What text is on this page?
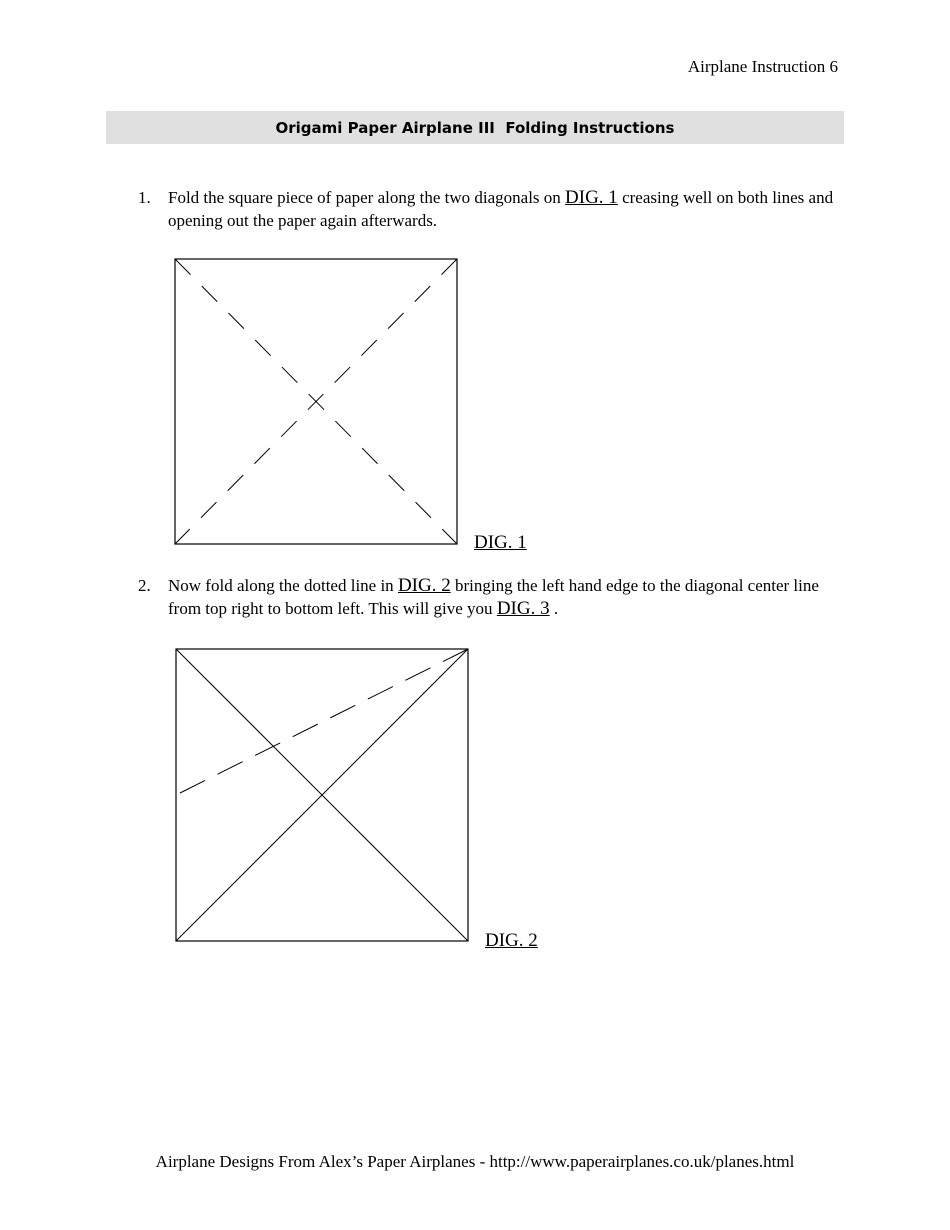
Airplane Instruction 6
Origami Paper Airplane III  Folding Instructions
1. Fold the square piece of paper along the two diagonals on DIG. 1 creasing well on both lines and opening out the paper again afterwards.
DIG. 1
2. Now fold along the dotted line in DIG. 2 bringing the left hand edge to the diagonal center line from top right to bottom left. This will give you DIG. 3 .
DIG. 2
Airplane Designs From Alex’s Paper Airplanes - http://www.paperairplanes.co.uk/planes.html
